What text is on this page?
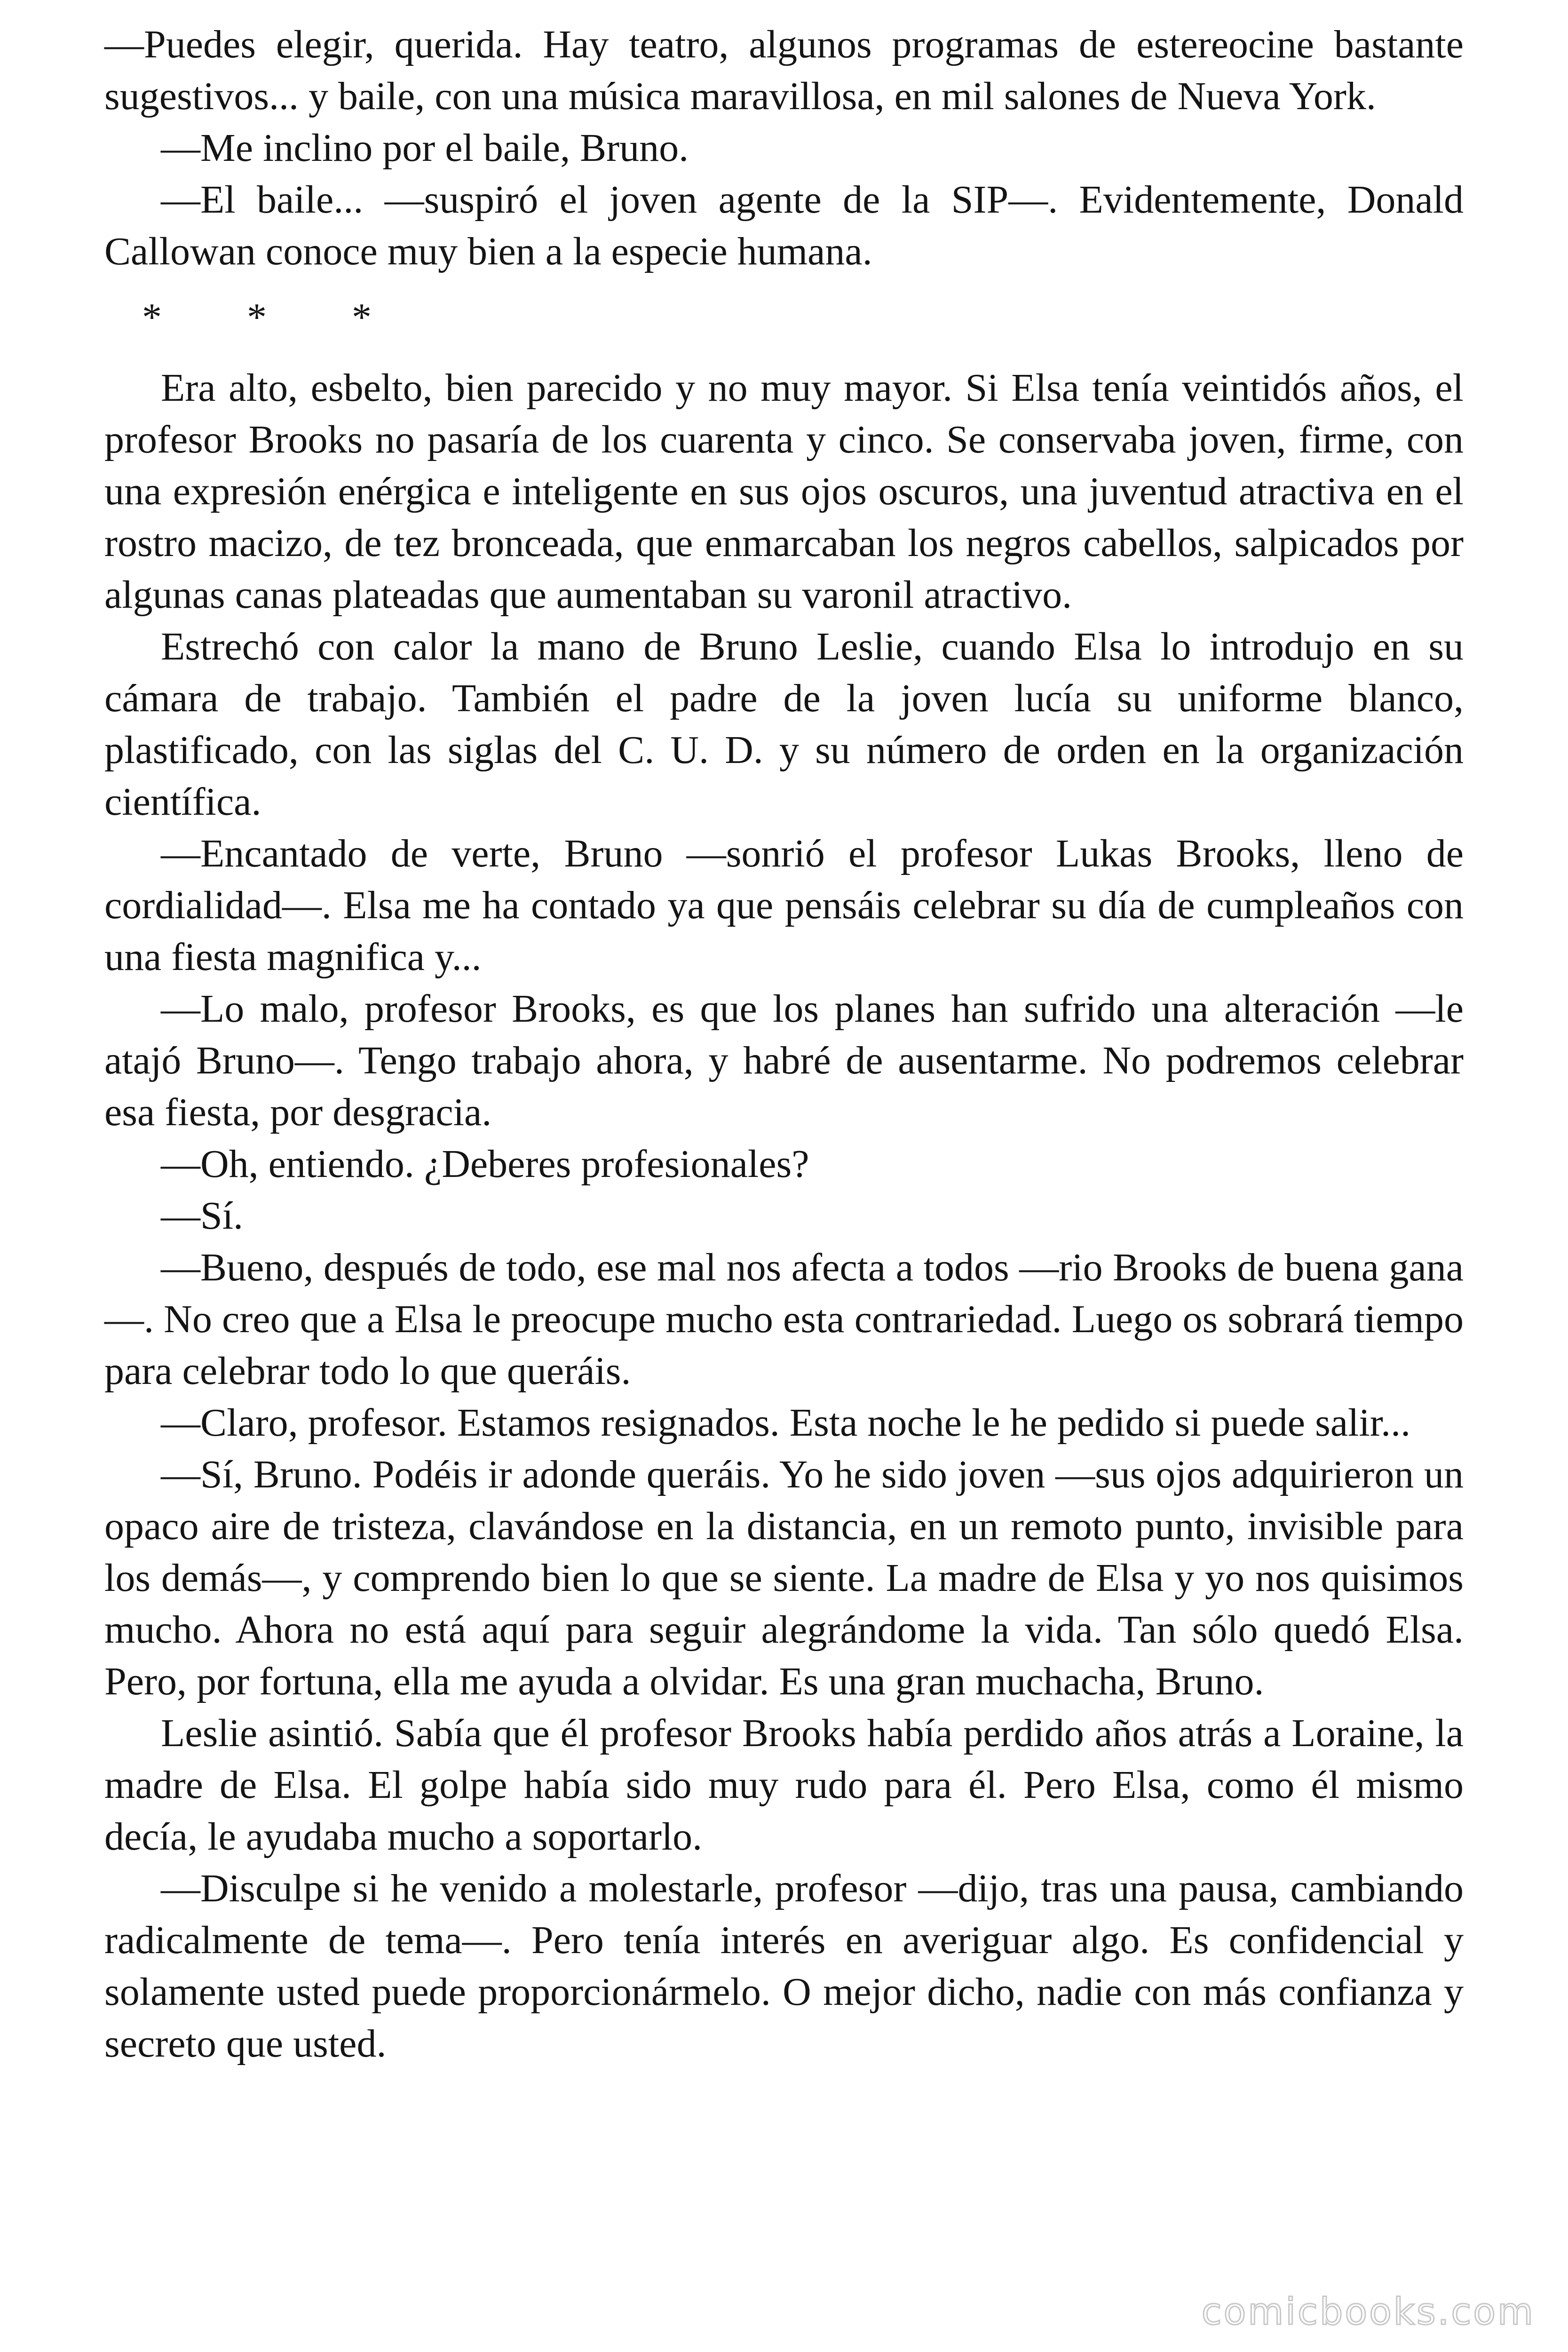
—Puedes elegir, querida. Hay teatro, algunos programas de estereocine bastante sugestivos... y baile, con una música maravillosa, en mil salones de Nueva York.

—Me inclino por el baile, Bruno.

—El baile... —suspiró el joven agente de la SIP—. Evidentemente, Donald Callowan conoce muy bien a la especie humana.

* * *

Era alto, esbelto, bien parecido y no muy mayor. Si Elsa tenía veintidós años, el profesor Brooks no pasaría de los cuarenta y cinco. Se conservaba joven, firme, con una expresión enérgica e inteligente en sus ojos oscuros, una juventud atractiva en el rostro macizo, de tez bronceada, que enmarcaban los negros cabellos, salpicados por algunas canas plateadas que aumentaban su varonil atractivo.

Estrechó con calor la mano de Bruno Leslie, cuando Elsa lo introdujo en su cámara de trabajo. También el padre de la joven lucía su uniforme blanco, plastificado, con las siglas del C. U. D. y su número de orden en la organización científica.

—Encantado de verte, Bruno —sonrió el profesor Lukas Brooks, lleno de cordialidad—. Elsa me ha contado ya que pensáis celebrar su día de cumpleaños con una fiesta magnifica y...

—Lo malo, profesor Brooks, es que los planes han sufrido una alteración —le atajó Bruno—. Tengo trabajo ahora, y habré de ausentarme. No podremos celebrar esa fiesta, por desgracia.

—Oh, entiendo. ¿Deberes profesionales?

—Sí.

—Bueno, después de todo, ese mal nos afecta a todos —rio Brooks de buena gana—. No creo que a Elsa le preocupe mucho esta contrariedad. Luego os sobrará tiempo para celebrar todo lo que queráis.

—Claro, profesor. Estamos resignados. Esta noche le he pedido si puede salir...

—Sí, Bruno. Podéis ir adonde queráis. Yo he sido joven —sus ojos adquirieron un opaco aire de tristeza, clavándose en la distancia, en un remoto punto, invisible para los demás—, y comprendo bien lo que se siente. La madre de Elsa y yo nos quisimos mucho. Ahora no está aquí para seguir alegrándome la vida. Tan sólo quedó Elsa. Pero, por fortuna, ella me ayuda a olvidar. Es una gran muchacha, Bruno.

Leslie asintió. Sabía que él profesor Brooks había perdido años atrás a Loraine, la madre de Elsa. El golpe había sido muy rudo para él. Pero Elsa, como él mismo decía, le ayudaba mucho a soportarlo.

—Disculpe si he venido a molestarle, profesor —dijo, tras una pausa, cambiando radicalmente de tema—. Pero tenía interés en averiguar algo. Es confidencial y solamente usted puede proporcionármelo. O mejor dicho, nadie con más confianza y secreto que usted.

comicbooks.com
